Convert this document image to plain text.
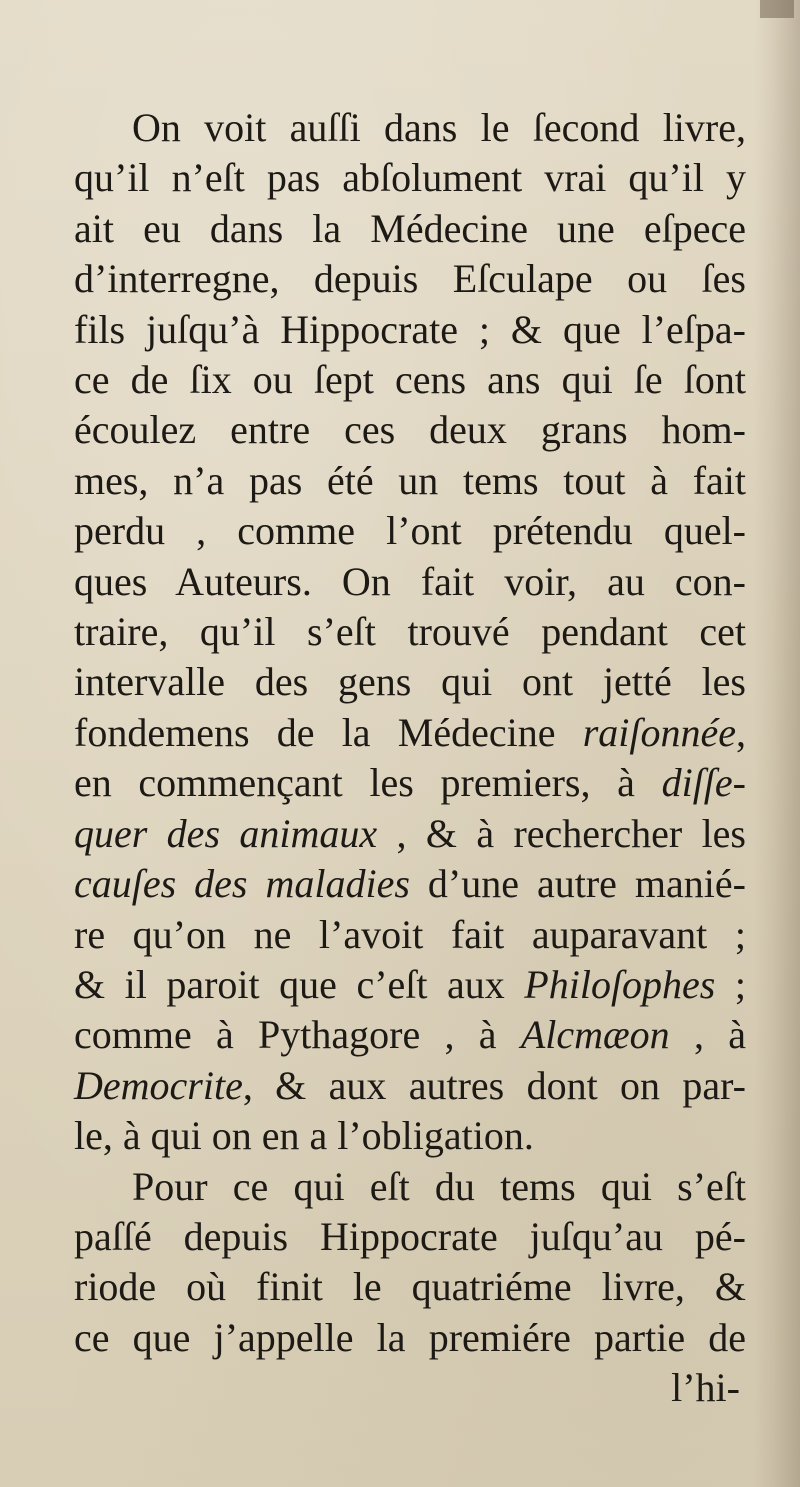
On voit auſſi dans le ſecond livre,
qu’il n’eſt pas abſolument vrai qu’il y
ait eu dans la Médecine une eſpece
d’interregne, depuis Eſculape ou ſes
fils juſqu’à Hippocrate ; & que l’eſpa-
ce de ſix ou ſept cens ans qui ſe ſont
écoulez entre ces deux grans hom-
mes, n’a pas été un tems tout à fait
perdu , comme l’ont prétendu quel-
ques Auteurs. On fait voir, au con-
traire, qu’il s’eſt trouvé pendant cet
intervalle des gens qui ont jetté les
fondemens de la Médecine raiſonnée,
en commençant les premiers, à diſſe-
quer des animaux , & à rechercher les
cauſes des maladies d’une autre manié-
re qu’on ne l’avoit fait auparavant ;
& il paroit que c’eſt aux Philoſophes ;
comme à Pythagore , à Alcmæon , à
Democrite, & aux autres dont on par-
le, à qui on en a l’obligation.
Pour ce qui eſt du tems qui s’eſt
paſſé depuis Hippocrate juſqu’au pé-
riode où finit le quatriéme livre, &
ce que j’appelle la premiére partie de
l’hi-
